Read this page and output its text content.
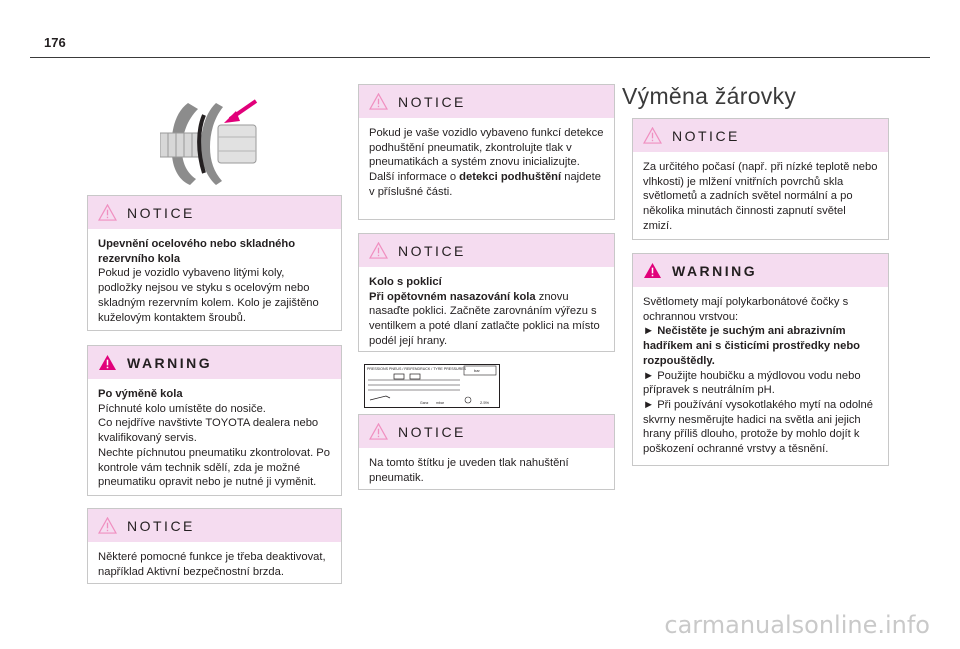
176
NOTICE

Upevnění ocelového nebo skladného rezervního kola

Pokud je vozidlo vybaveno litými koly, podložky nejsou ve styku s ocelovým nebo skladným rezervním kolem. Kolo je zajištěno kuželovým kontaktem šroubů.

WARNING

Po výměně kola

Píchnuté kolo umístěte do nosiče.

Co nejdříve navštivte TOYOTA dealera nebo kvalifikovaný servis.

Nechte píchnutou pneumatiku zkontrolovat. Po kontrole vám technik sdělí, zda je možné pneumatiku opravit nebo je nutné ji vyměnit.

NOTICE

Některé pomocné funkce je třeba deaktivovat, například Aktivní bezpečnostní brzda.

NOTICE

Pokud je vaše vozidlo vybaveno funkcí detekce podhuštění pneumatik, zkontrolujte tlak v pneumatikách a systém znovu inicializujte.

Další informace o detekci podhuštění najdete v příslušné části.

NOTICE

Kolo s poklicí

Při opětovném nasazování kola znovu nasaďte poklici. Začněte zarovnáním výřezu s ventilkem a poté dlaní zatlačte poklici na místo podél její hrany.

PRESSIONS PNEUS / REIFENDRUCK / TYRE PRESSURES bar
Ganz mbar	2.5%
NOTICE

Na tomto štítku je uveden tlak nahuštění pneumatik.

Výměna žárovky
NOTICE

Za určitého počasí (např. při nízké teplotě nebo vlhkosti) je mlžení vnitřních povrchů skla světlometů a zadních světel normální a po několika minutách činnosti zapnutí světel zmizí.

WARNING

Světlomety mají polykarbonátové čočky s ochrannou vrstvou:

► Nečistěte je suchým ani abrazivním hadříkem ani s čisticími prostředky nebo rozpouštědly.

► Použijte houbičku a mýdlovou vodu nebo přípravek s neutrálním pH.

► Při používání vysokotlakého mytí na odolné skvrny nesměrujte hadici na světla ani jejich hrany příliš dlouho, protože by mohlo dojít k poškození ochranné vrstvy a těsnění.

carmanualsonline.info
